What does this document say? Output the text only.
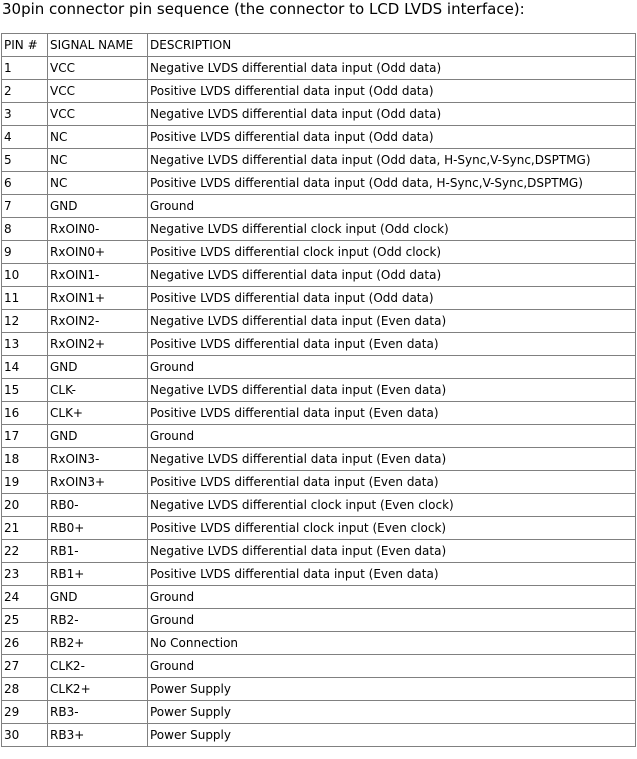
30pin connector pin sequence (the connector to LCD LVDS interface):
PIN #	SIGNAL NAME	DESCRIPTION
1	VCC	Negative LVDS differential data input (Odd data)
2	VCC	Positive LVDS differential data input (Odd data)
3	VCC	Negative LVDS differential data input (Odd data)
4	NC	Positive LVDS differential data input (Odd data)
5	NC	Negative LVDS differential data input (Odd data, H-Sync,V-Sync,DSPTMG)
6	NC	Positive LVDS differential data input (Odd data, H-Sync,V-Sync,DSPTMG)
7	GND	Ground
8	RxOIN0-	Negative LVDS differential clock input (Odd clock)
9	RxOIN0+	Positive LVDS differential clock input (Odd clock)
10	RxOIN1-	Negative LVDS differential data input (Odd data)
11	RxOIN1+	Positive LVDS differential data input (Odd data)
12	RxOIN2-	Negative LVDS differential data input (Even data)
13	RxOIN2+	Positive LVDS differential data input (Even data)
14	GND	Ground
15	CLK-	Negative LVDS differential data input (Even data)
16	CLK+	Positive LVDS differential data input (Even data)
17	GND	Ground
18	RxOIN3-	Negative LVDS differential data input (Even data)
19	RxOIN3+	Positive LVDS differential data input (Even data)
20	RB0-	Negative LVDS differential clock input (Even clock)
21	RB0+	Positive LVDS differential clock input (Even clock)
22	RB1-	Negative LVDS differential data input (Even data)
23	RB1+	Positive LVDS differential data input (Even data)
24	GND	Ground
25	RB2-	Ground
26	RB2+	No Connection
27	CLK2-	Ground
28	CLK2+	Power Supply
29	RB3-	Power Supply
30	RB3+	Power Supply
